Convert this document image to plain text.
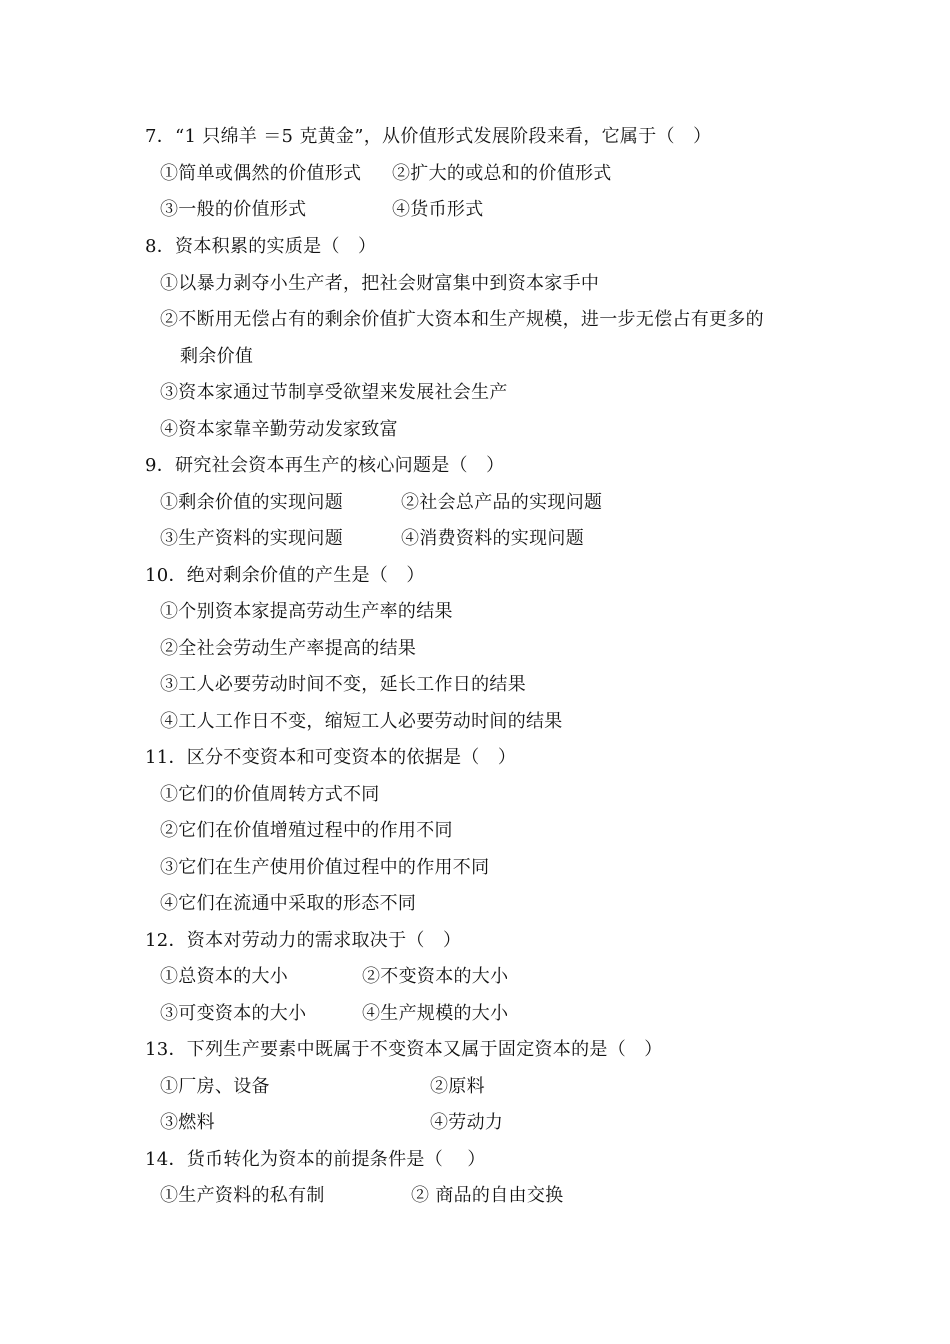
7．“1 只绵羊 ＝5 克黄金”，从价值形式发展阶段来看，它属于（　）
①简单或偶然的价值形式 ②扩大的或总和的价值形式
③一般的价值形式	④货币形式
8．资本积累的实质是（　）
①以暴力剥夺小生产者，把社会财富集中到资本家手中
②不断用无偿占有的剩余价值扩大资本和生产规模，进一步无偿占有更多的
剩余价值
③资本家通过节制享受欲望来发展社会生产
④资本家靠辛勤劳动发家致富
9．研究社会资本再生产的核心问题是（　）
①剩余价值的实现问题	②社会总产品的实现问题
③生产资料的实现问题	④消费资料的实现问题
10．绝对剩余价值的产生是（　）
①个别资本家提高劳动生产率的结果
②全社会劳动生产率提高的结果
③工人必要劳动时间不变，延长工作日的结果
④工人工作日不变，缩短工人必要劳动时间的结果
11．区分不变资本和可变资本的依据是（　）
①它们的价值周转方式不同
②它们在价值增殖过程中的作用不同
③它们在生产使用价值过程中的作用不同
④它们在流通中采取的形态不同
12．资本对劳动力的需求取决于（　）
①总资本的大小	②不变资本的大小
③可变资本的大小	④生产规模的大小
13．下列生产要素中既属于不变资本又属于固定资本的是（　）
①厂房、设备	②原料
③燃料	④劳动力
14．货币转化为资本的前提条件是（　 ）
①生产资料的私有制	② 商品的自由交换
